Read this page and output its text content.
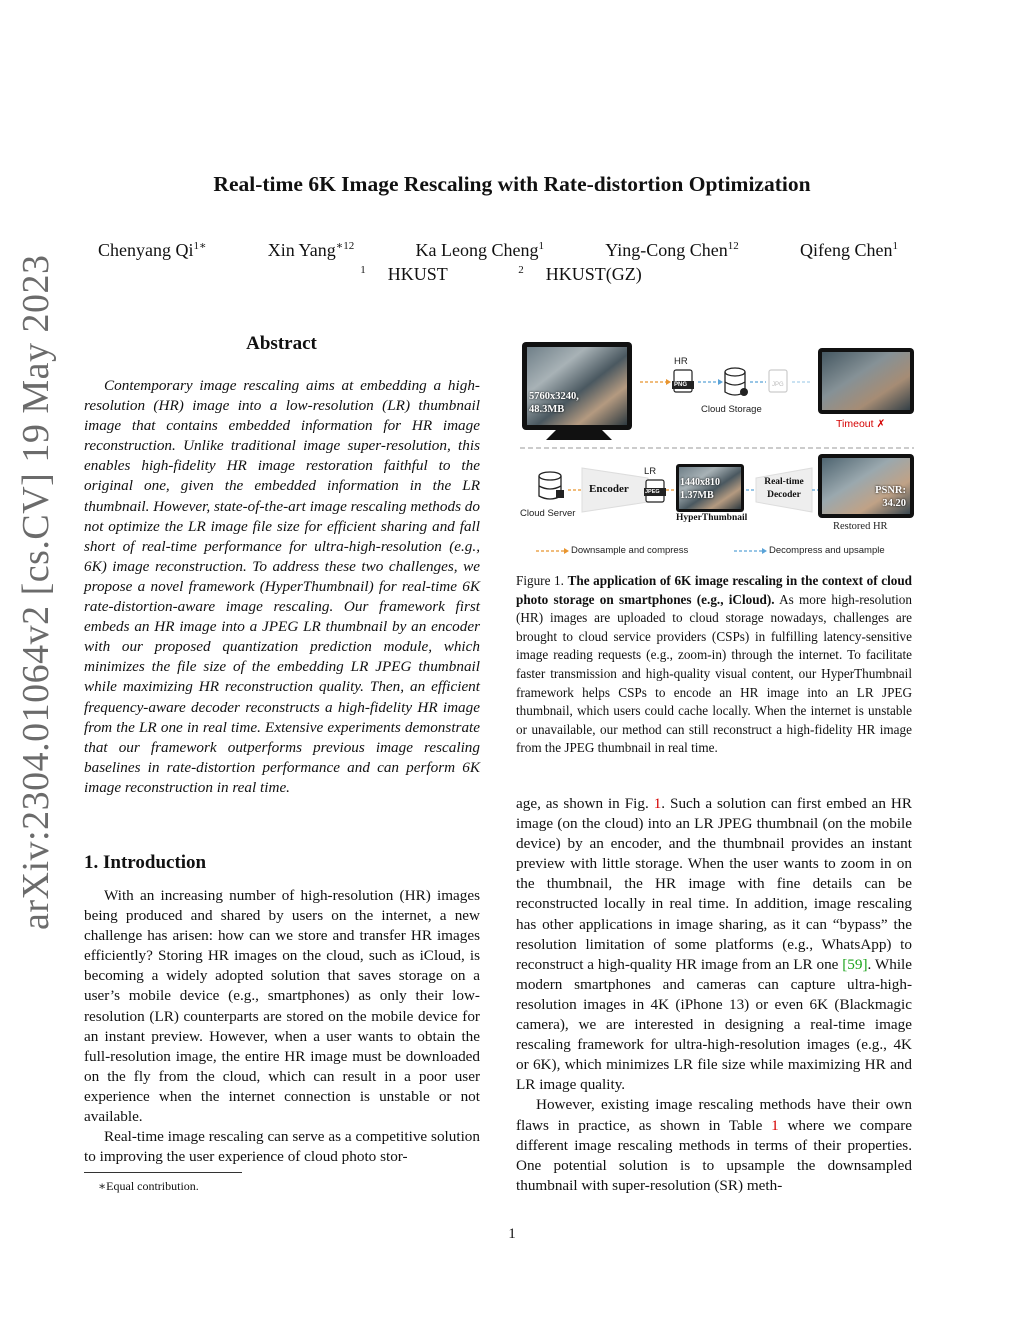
arXiv:2304.01064v2 [cs.CV] 19 May 2023
Real-time 6K Image Rescaling with Rate-distortion Optimization
Chenyang $Qi^{1∗}$	Xin Yang$^{∗12}$	Ka Leong Cheng$^1$	Ying-Cong Chen$^{12}$	Qifeng Chen$^1$
$^1$ HKUST	$^2$ HKUST(GZ)
Abstract

Contemporary image rescaling aims at embedding a high-resolution (HR) image into a low-resolution (LR) thumbnail image that contains embedded information for HR image reconstruction. Unlike traditional image super-resolution, this enables high-fidelity HR image restoration faithful to the original one, given the embedded information in the LR thumbnail. However, state-of-the-art image rescaling methods do not optimize the LR image file size for efficient sharing and fall short of real-time performance for ultra-high-resolution (e.g., 6K) image reconstruction. To address these two challenges, we propose a novel framework (HyperThumbnail) for real-time 6K rate-distortion-aware image rescaling. Our framework first embeds an HR image into a JPEG LR thumbnail by an encoder with our proposed quantization prediction module, which minimizes the file size of the embedding LR JPEG thumbnail while maximizing HR reconstruction quality. Then, an efficient frequency-aware decoder reconstructs a high-fidelity HR image from the LR one in real time. Extensive experiments demonstrate that our framework outperforms previous image rescaling baselines in rate-distortion performance and can perform 6K image reconstruction in real time.

1. Introduction

With an increasing number of high-resolution (HR) images being produced and shared by users on the internet, a new challenge has arisen: how can we store and transfer HR images efficiently? Storing HR images on the cloud, such as iCloud, is becoming a widely adopted solution that saves storage on a user’s mobile device (e.g., smartphones) as only their low-resolution (LR) counterparts are stored on the mobile device for an instant preview. However, when a user wants to obtain the full-resolution image, the entire HR image must be downloaded on the fly from the cloud, which can result in a poor user experience when the internet connection is unstable or not available.

Real-time image rescaling can serve as a competitive solution to improving the user experience of cloud photo stor-

∗Equal contribution.
5760x3240,
48.3MB
HR
PNG	JPG
Cloud Storage
Timeout ✗
Cloud Server
Encoder
LR
JPEG
1440x810
1.37MB
HyperThumbnail
Real-time
Decoder	PSNR:
34.20
Restored HR
Downsample and compress	Decompress and upsample
Figure 1. The application of 6K image rescaling in the context of cloud photo storage on smartphones (e.g., iCloud). As more high-resolution (HR) images are uploaded to cloud storage nowadays, challenges are brought to cloud service providers (CSPs) in fulfilling latency-sensitive image reading requests (e.g., zoom-in) through the internet. To facilitate faster transmission and high-quality visual content, our HyperThumbnail framework helps CSPs to encode an HR image into an LR JPEG thumbnail, which users could cache locally. When the internet is unstable or unavailable, our method can still reconstruct a high-fidelity HR image from the JPEG thumbnail in real time.

age, as shown in Fig. 1. Such a solution can first embed an HR image (on the cloud) into an LR JPEG thumbnail (on the mobile device) by an encoder, and the thumbnail provides an instant preview with little storage. When the user wants to zoom in on the thumbnail, the HR image with fine details can be reconstructed locally in real time. In addition, image rescaling has other applications in image sharing, as it can “bypass” the resolution limitation of some platforms (e.g., WhatsApp) to reconstruct a high-quality HR image from an LR one [59]. While modern smartphones and cameras can capture ultra-high-resolution images in 4K (iPhone 13) or even 6K (Blackmagic camera), we are interested in designing a real-time image rescaling framework for ultra-high-resolution images (e.g., 4K or 6K), which minimizes LR file size while maximizing HR and LR image quality.

However, existing image rescaling methods have their own flaws in practice, as shown in Table 1 where we compare different image rescaling methods in terms of their properties. One potential solution is to upsample the downsampled thumbnail with super-resolution (SR) meth-

1
